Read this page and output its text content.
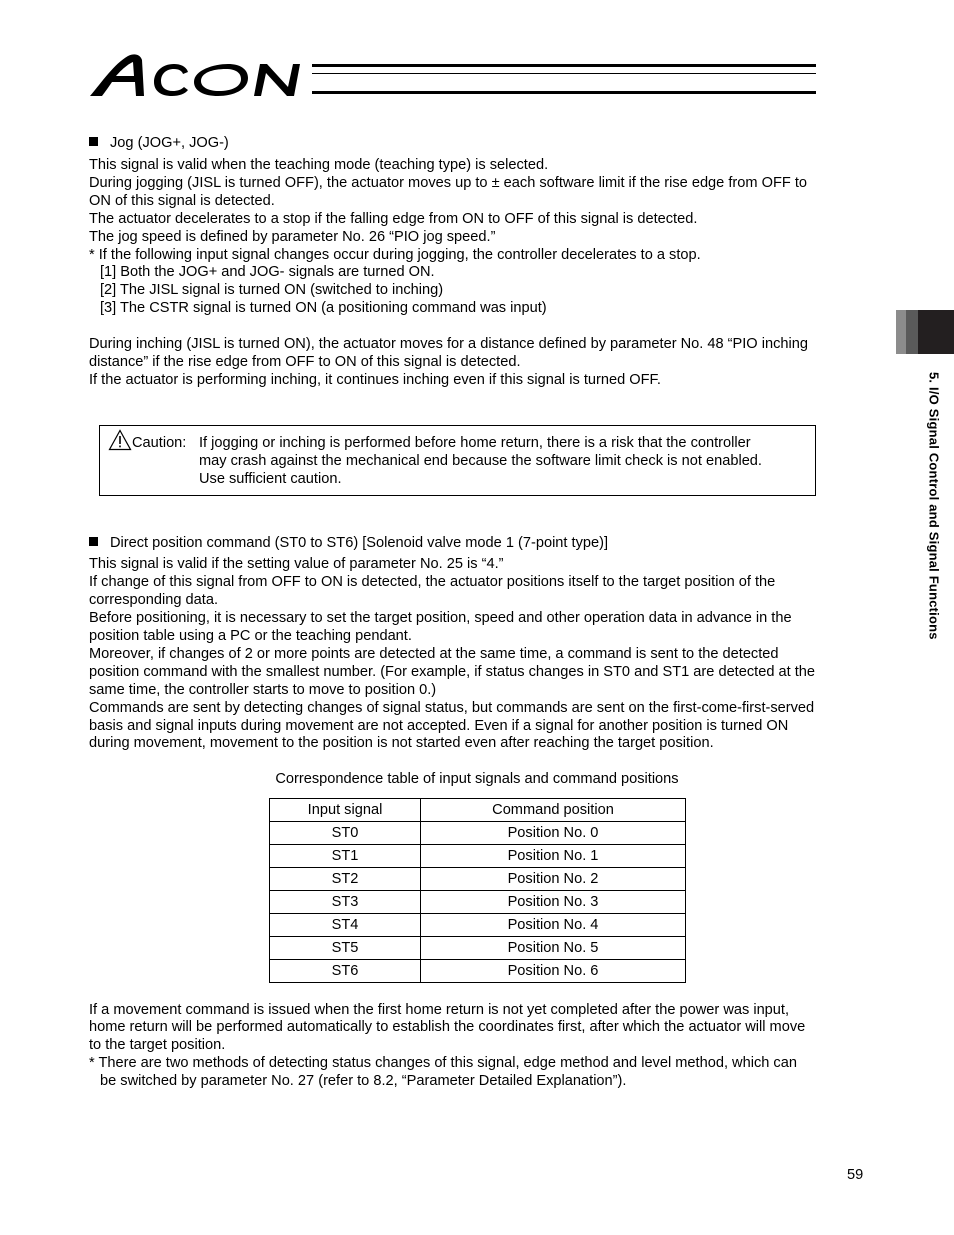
5. I/O Signal Control and Signal Functions
Jog (JOG+, JOG-)
This signal is valid when the teaching mode (teaching type) is selected.
During jogging (JISL is turned OFF), the actuator moves up to ± each software limit if the rise edge from OFF to
ON of this signal is detected.
The actuator decelerates to a stop if the falling edge from ON to OFF of this signal is detected.
The jog speed is defined by parameter No. 26 “PIO jog speed.”
* If the following input signal changes occur during jogging, the controller decelerates to a stop.
[1] Both the JOG+ and JOG- signals are turned ON.
[2] The JISL signal is turned ON (switched to inching)
[3] The CSTR signal is turned ON (a positioning command was input)
During inching (JISL is turned ON), the actuator moves for a distance defined by parameter No. 48 “PIO inching
distance” if the rise edge from OFF to ON of this signal is detected.
If the actuator is performing inching, it continues inching even if this signal is turned OFF.
Caution: If jogging or inching is performed before home return, there is a risk that the controller
may crash against the mechanical end because the software limit check is not enabled.
Use sufficient caution.
Direct position command (ST0 to ST6) [Solenoid valve mode 1 (7-point type)]
This signal is valid if the setting value of parameter No. 25 is “4.”
If change of this signal from OFF to ON is detected, the actuator positions itself to the target position of the
corresponding data.
Before positioning, it is necessary to set the target position, speed and other operation data in advance in the
position table using a PC or the teaching pendant.
Moreover, if changes of 2 or more points are detected at the same time, a command is sent to the detected
position command with the smallest number. (For example, if status changes in ST0 and ST1 are detected at the
same time, the controller starts to move to position 0.)
Commands are sent by detecting changes of signal status, but commands are sent on the first-come-first-served
basis and signal inputs during movement are not accepted. Even if a signal for another position is turned ON
during movement, movement to the position is not started even after reaching the target position.
Correspondence table of input signals and command positions
Input signal	Command position
ST0	Position No. 0
ST1	Position No. 1
ST2	Position No. 2
ST3	Position No. 3
ST4	Position No. 4
ST5	Position No. 5
ST6	Position No. 6
If a movement command is issued when the first home return is not yet completed after the power was input,
home return will be performed automatically to establish the coordinates first, after which the actuator will move
to the target position.
* There are two methods of detecting status changes of this signal, edge method and level method, which can
be switched by parameter No. 27 (refer to 8.2, “Parameter Detailed Explanation”).
59
